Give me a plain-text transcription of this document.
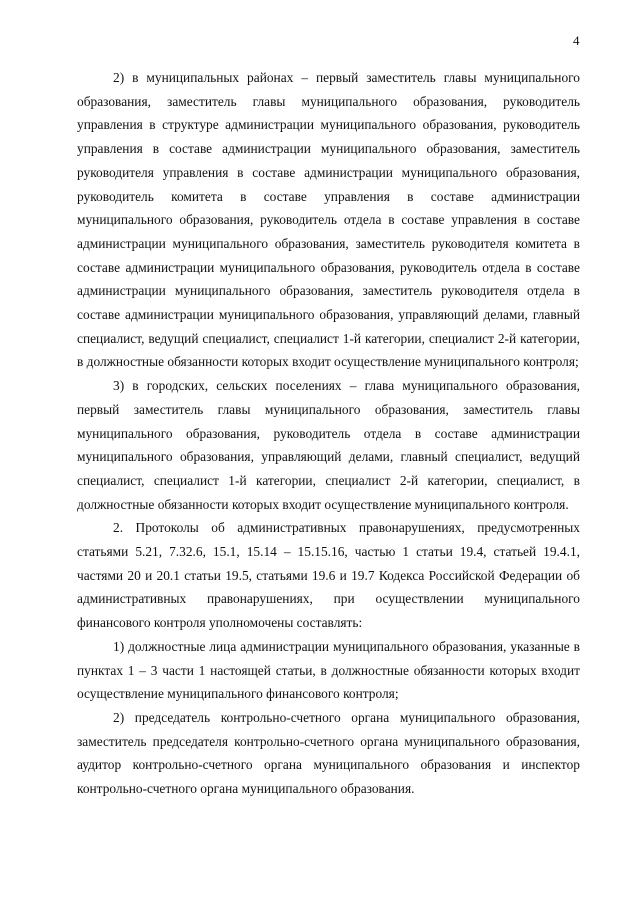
4

2) в муниципальных районах – первый заместитель главы муниципального образования, заместитель главы муниципального образования, руководитель управления в структуре администрации муниципального образования, руководитель управления в составе администрации муниципального образования, заместитель руководителя управления в составе администрации муниципального образования, руководитель комитета в составе управления в составе администрации муниципального образования, руководитель отдела в составе управления в составе администрации муниципального образования, заместитель руководителя комитета в составе администрации муниципального образования, руководитель отдела в составе администрации муниципального образования, заместитель руководителя отдела в составе администрации муниципального образования, управляющий делами, главный специалист, ведущий специалист, специалист 1-й категории, специалист 2-й категории, в должностные обязанности которых входит осуществление муниципального контроля;

3) в городских, сельских поселениях – глава муниципального образования, первый заместитель главы муниципального образования, заместитель главы муниципального образования, руководитель отдела в составе администрации муниципального образования, управляющий делами, главный специалист, ведущий специалист, специалист 1-й категории, специалист 2-й категории, специалист, в должностные обязанности которых входит осуществление муниципального контроля.

2. Протоколы об административных правонарушениях, предусмотренных статьями 5.21, 7.32.6, 15.1, 15.14 – 15.15.16, частью 1 статьи 19.4, статьей 19.4.1, частями 20 и 20.1 статьи 19.5, статьями 19.6 и 19.7 Кодекса Российской Федерации об административных правонарушениях, при осуществлении муниципального финансового контроля уполномочены составлять:

1) должностные лица администрации муниципального образования, указанные в пунктах 1 – 3 части 1 настоящей статьи, в должностные обязанности которых входит осуществление муниципального финансового контроля;

2) председатель контрольно-счетного органа муниципального образования, заместитель председателя контрольно-счетного органа муниципального образования, аудитор контрольно-счетного органа муниципального образования и инспектор контрольно-счетного органа муниципального образования.
